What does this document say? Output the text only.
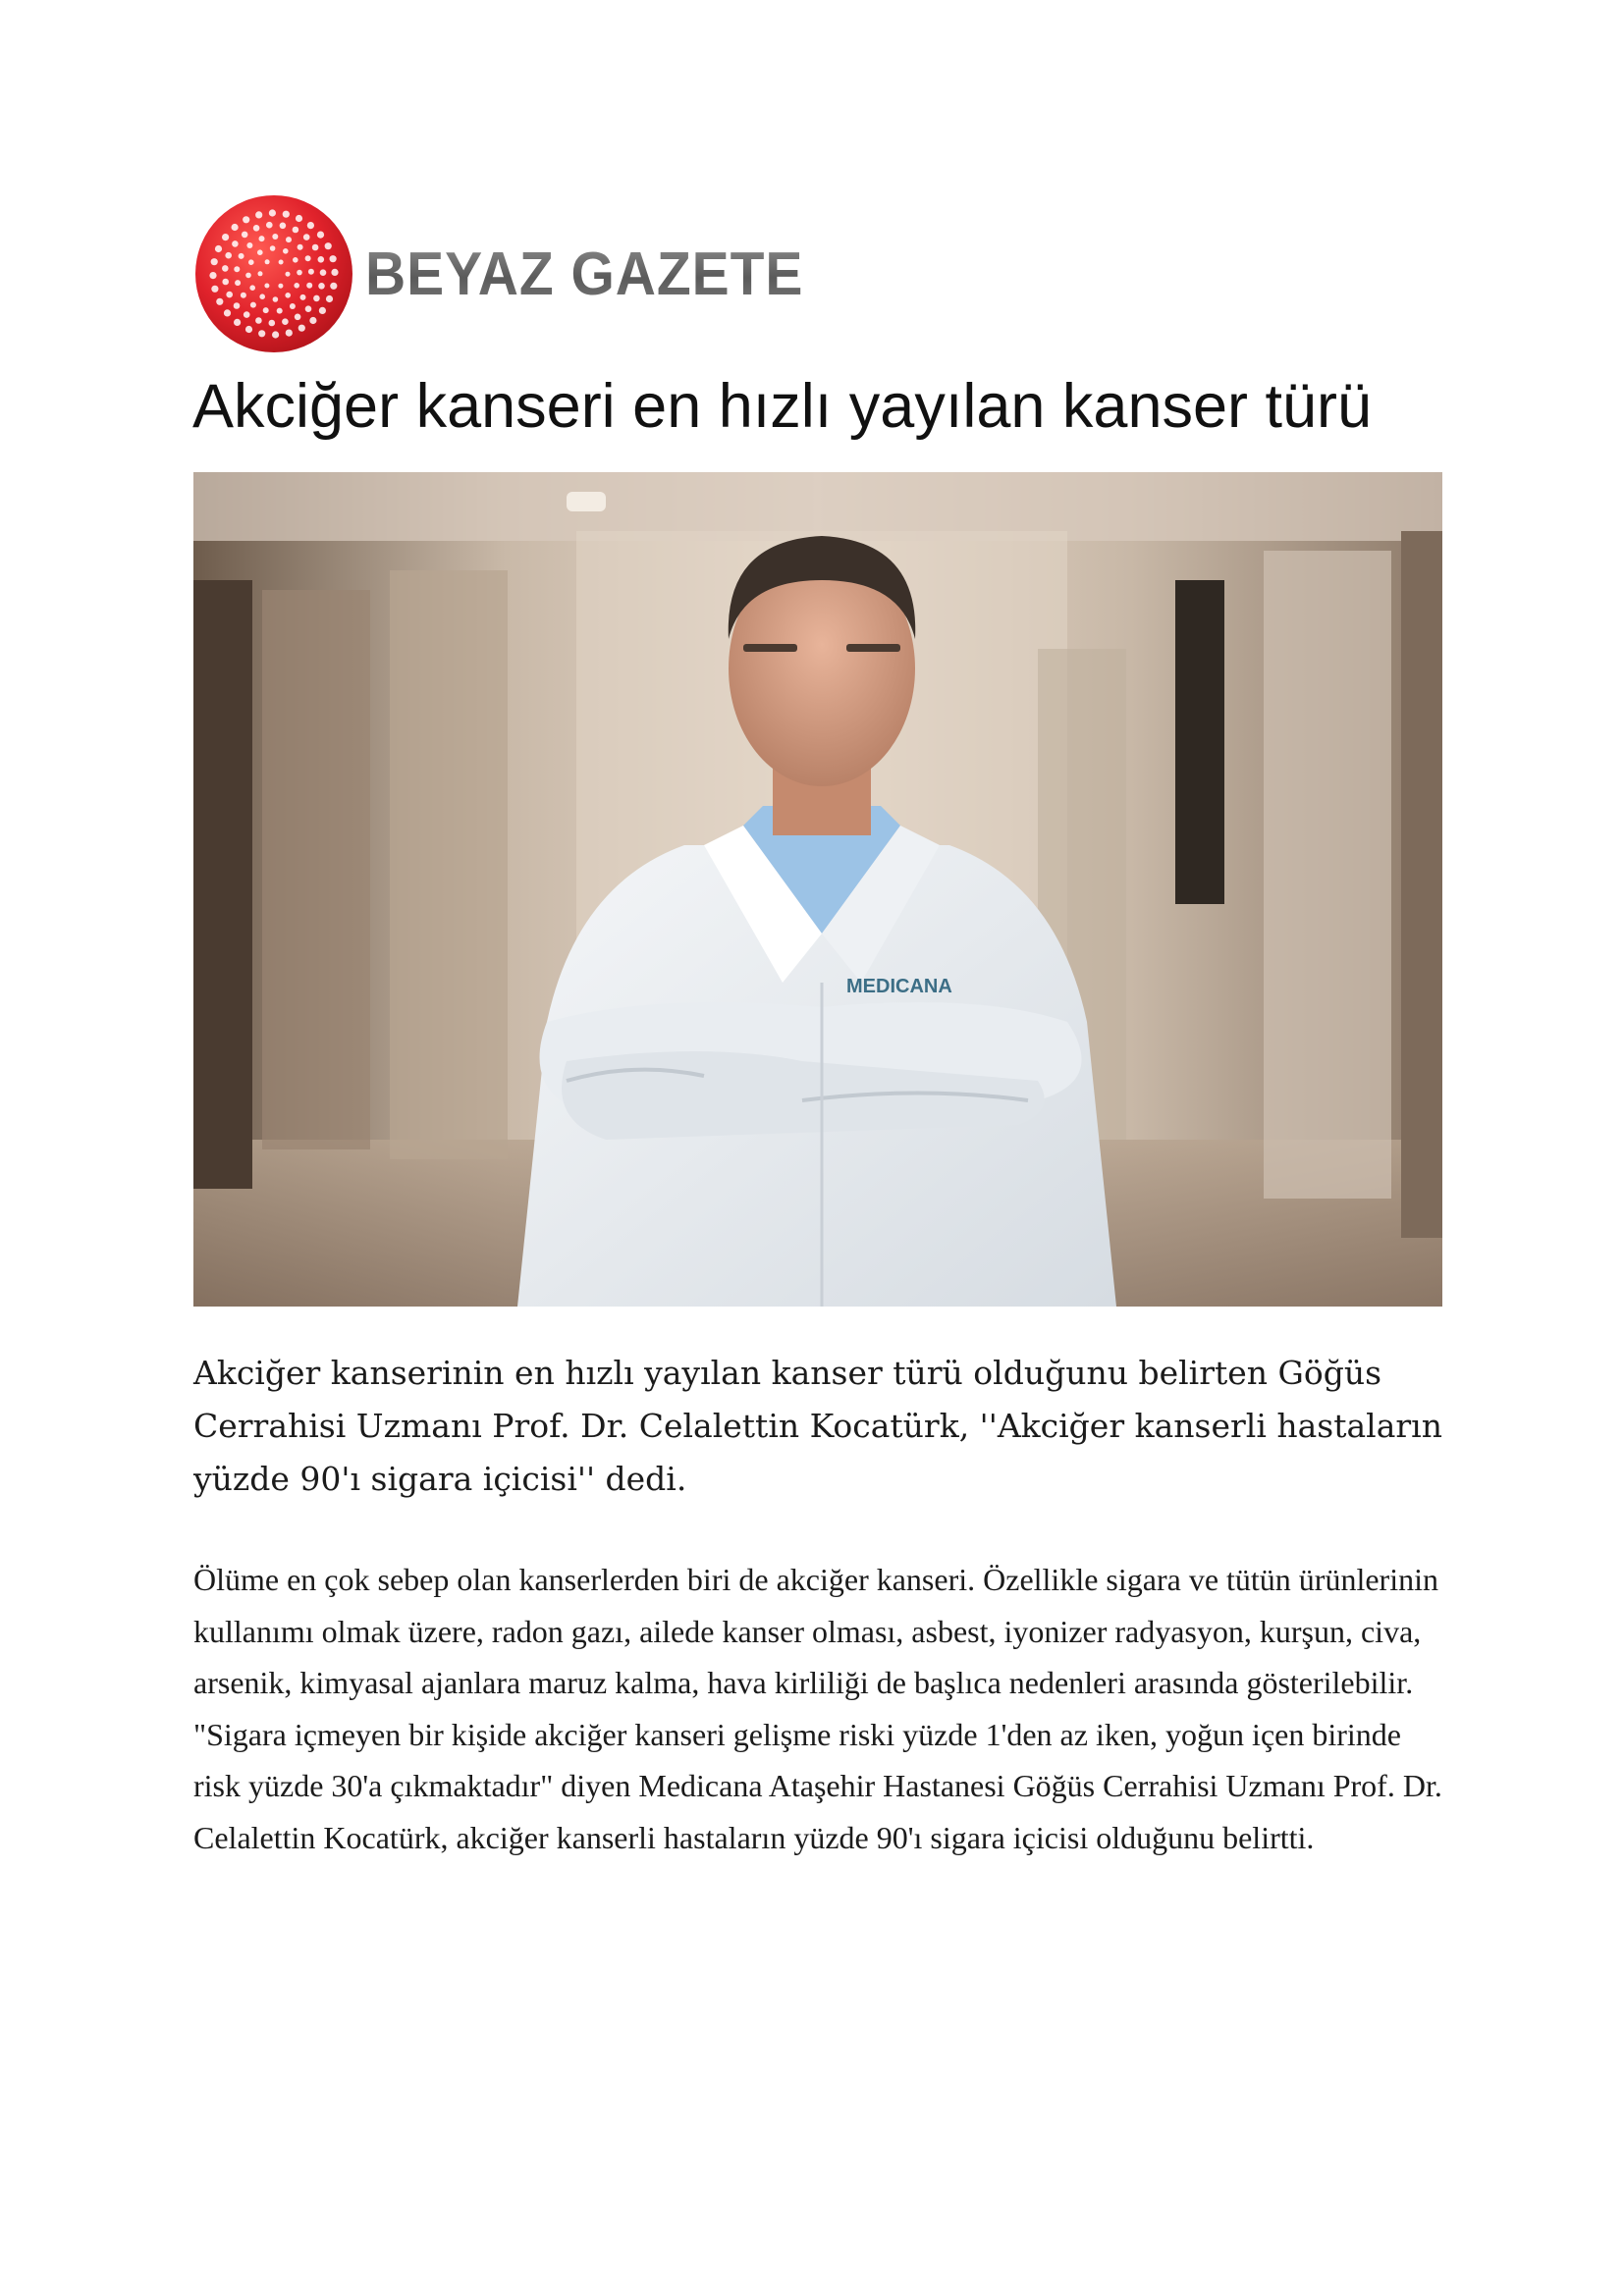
BEYAZ GAZETE
Akciğer kanseri en hızlı yayılan kanser türü
MEDICANA

Akciğer kanserinin en hızlı yayılan kanser türü olduğunu belirten Göğüs Cerrahisi Uzmanı Prof. Dr. Celalettin Kocatürk, ''Akciğer kanserli hastaların yüzde 90'ı sigara içicisi'' dedi.

Ölüme en çok sebep olan kanserlerden biri de akciğer kanseri. Özellikle sigara ve tütün ürünlerinin kullanımı olmak üzere, radon gazı, ailede kanser olması, asbest, iyonizer radyasyon, kurşun, civa, arsenik, kimyasal ajanlara maruz kalma, hava kirliliği de başlıca nedenleri arasında gösterilebilir. "Sigara içmeyen bir kişide akciğer kanseri gelişme riski yüzde 1'den az iken, yoğun içen birinde risk yüzde 30'a çıkmaktadır" diyen Medicana Ataşehir Hastanesi Göğüs Cerrahisi Uzmanı Prof. Dr. Celalettin Kocatürk, akciğer kanserli hastaların yüzde 90'ı sigara içicisi olduğunu belirtti.
